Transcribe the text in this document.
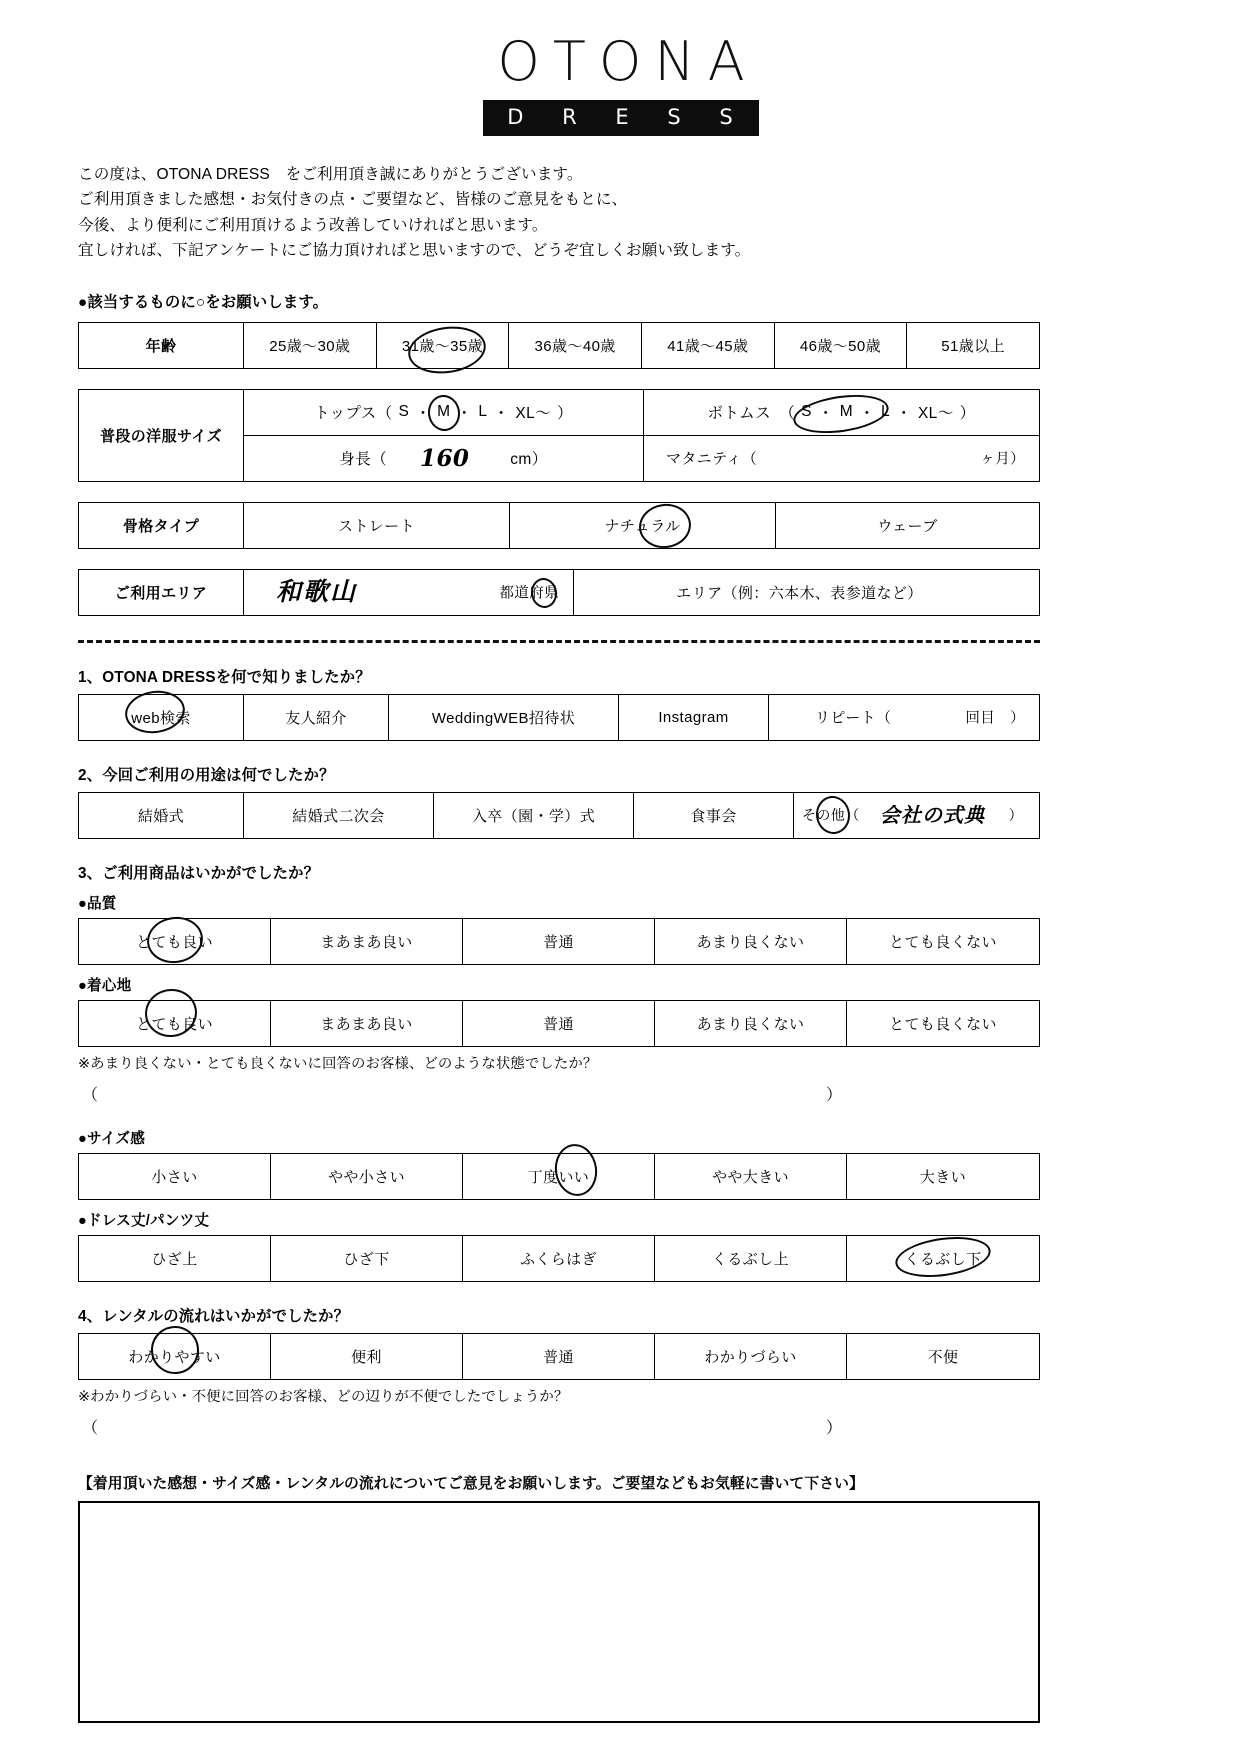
OTONA
D R E S S

この度は、OTONA DRESS　をご利用頂き誠にありがとうございます。

ご利用頂きました感想・お気付きの点・ご要望など、皆様のご意見をもとに、

今後、より便利にご利用頂けるよう改善していければと思います。

宜しければ、下記アンケートにご協力頂ければと思いますので、どうぞ宜しくお願い致します。

●該当するものに○をお願いします。
年齢	25歳〜30歳	31歳〜35歳	36歳〜40歳	41歳〜45歳	46歳〜50歳	51歳以上
普段の洋服サイズ	
トップス（ S ・ M ・ L ・ XL〜 ）	ボトムス　（ S ・ M ・ L ・ XL〜 ）

	身長（ 160 cm）	マタニティ（ ヶ月）
骨格タイプ	ストレート	ナチュラル	ウェーブ
ご利用エリア	和歌山	都道府県	エリア（例：六本木、表参道など）
1、OTONA DRESSを何で知りましたか？
web検索	友人紹介	WeddingWEB招待状	Instagram	リピート（	回目　）
2、今回ご利用の用途は何でしたか？
結婚式	結婚式二次会	入卒（園・学）式	食事会	その他（ 会社の式典 ）
3、ご利用商品はいかがでしたか？
●品質
とても良い	まあまあ良い	普通	あまり良くない	とても良くない
●着心地
とても良い	まあまあ良い	普通	あまり良くない	とても良くない
※あまり良くない・とても良くないに回答のお客様、どのような状態でしたか？
（	）
●サイズ感
小さい	やや小さい	丁度いい	やや大きい	大きい
●ドレス丈/パンツ丈
ひざ上	ひざ下	ふくらはぎ	くるぶし上	くるぶし下
4、レンタルの流れはいかがでしたか？
わかりやすい	便利	普通	わかりづらい	不便
※わかりづらい・不便に回答のお客様、どの辺りが不便でしたでしょうか？
（	）
【着用頂いた感想・サイズ感・レンタルの流れについてご意見をお願いします。ご要望などもお気軽に書いて下さい】
